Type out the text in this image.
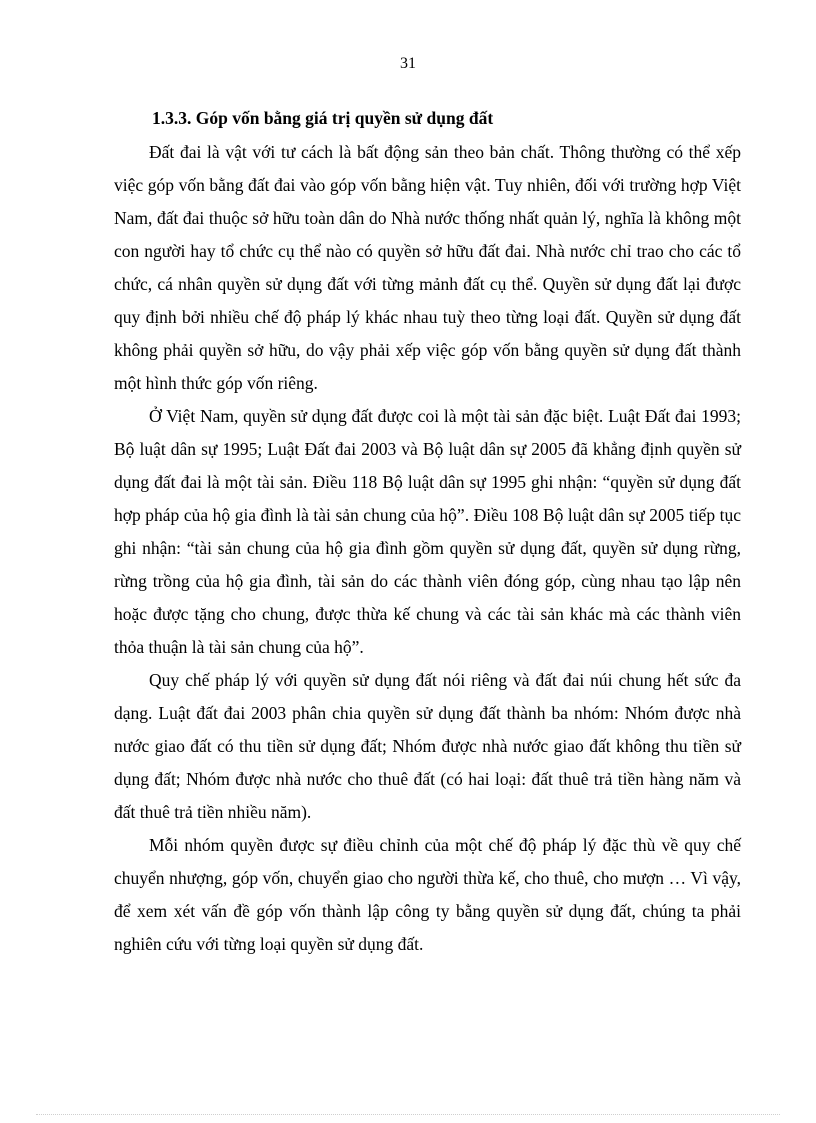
31
1.3.3. Góp vốn bằng giá trị quyền sử dụng đất

Đất đai là vật với tư cách là bất động sản theo bản chất. Thông thường có thể xếp việc góp vốn bằng đất đai vào góp vốn bằng hiện vật. Tuy nhiên, đối với trường hợp Việt Nam, đất đai thuộc sở hữu toàn dân do Nhà nước thống nhất quản lý, nghĩa là không một con người hay tổ chức cụ thể nào có quyền sở hữu đất đai. Nhà nước chỉ trao cho các tổ chức, cá nhân quyền sử dụng đất với từng mảnh đất cụ thể. Quyền sử dụng đất lại được quy định bởi nhiều chế độ pháp lý khác nhau tuỳ theo từng loại đất. Quyền sử dụng đất không phải quyền sở hữu, do vậy phải xếp việc góp vốn bằng quyền sử dụng đất thành một hình thức góp vốn riêng.

Ở Việt Nam, quyền sử dụng đất được coi là một tài sản đặc biệt. Luật Đất đai 1993; Bộ luật dân sự 1995; Luật Đất đai 2003 và Bộ luật dân sự 2005 đã khẳng định quyền sử dụng đất đai là một tài sản. Điều 118 Bộ luật dân sự 1995 ghi nhận: “quyền sử dụng đất hợp pháp của hộ gia đình là tài sản chung của hộ”. Điều 108 Bộ luật dân sự 2005 tiếp tục ghi nhận: “tài sản chung của hộ gia đình gồm quyền sử dụng đất, quyền sử dụng rừng, rừng trồng của hộ gia đình, tài sản do các thành viên đóng góp, cùng nhau tạo lập nên hoặc được tặng cho chung, được thừa kế chung và các tài sản khác mà các thành viên thỏa thuận là tài sản chung của hộ”.

Quy chế pháp lý với quyền sử dụng đất nói riêng và đất đai núi chung hết sức đa dạng. Luật đất đai 2003 phân chia quyền sử dụng đất thành ba nhóm: Nhóm được nhà nước giao đất có thu tiền sử dụng đất; Nhóm được nhà nước giao đất không thu tiền sử dụng đất; Nhóm được nhà nước cho thuê đất (có hai loại: đất thuê trả tiền hàng năm và đất thuê trả tiền nhiều năm).

Mỗi nhóm quyền được sự điều chỉnh của một chế độ pháp lý đặc thù về quy chế chuyển nhượng, góp vốn, chuyển giao cho người thừa kế, cho thuê, cho mượn … Vì vậy, để xem xét vấn đề góp vốn thành lập công ty bằng quyền sử dụng đất, chúng ta phải nghiên cứu với từng loại quyền sử dụng đất.
